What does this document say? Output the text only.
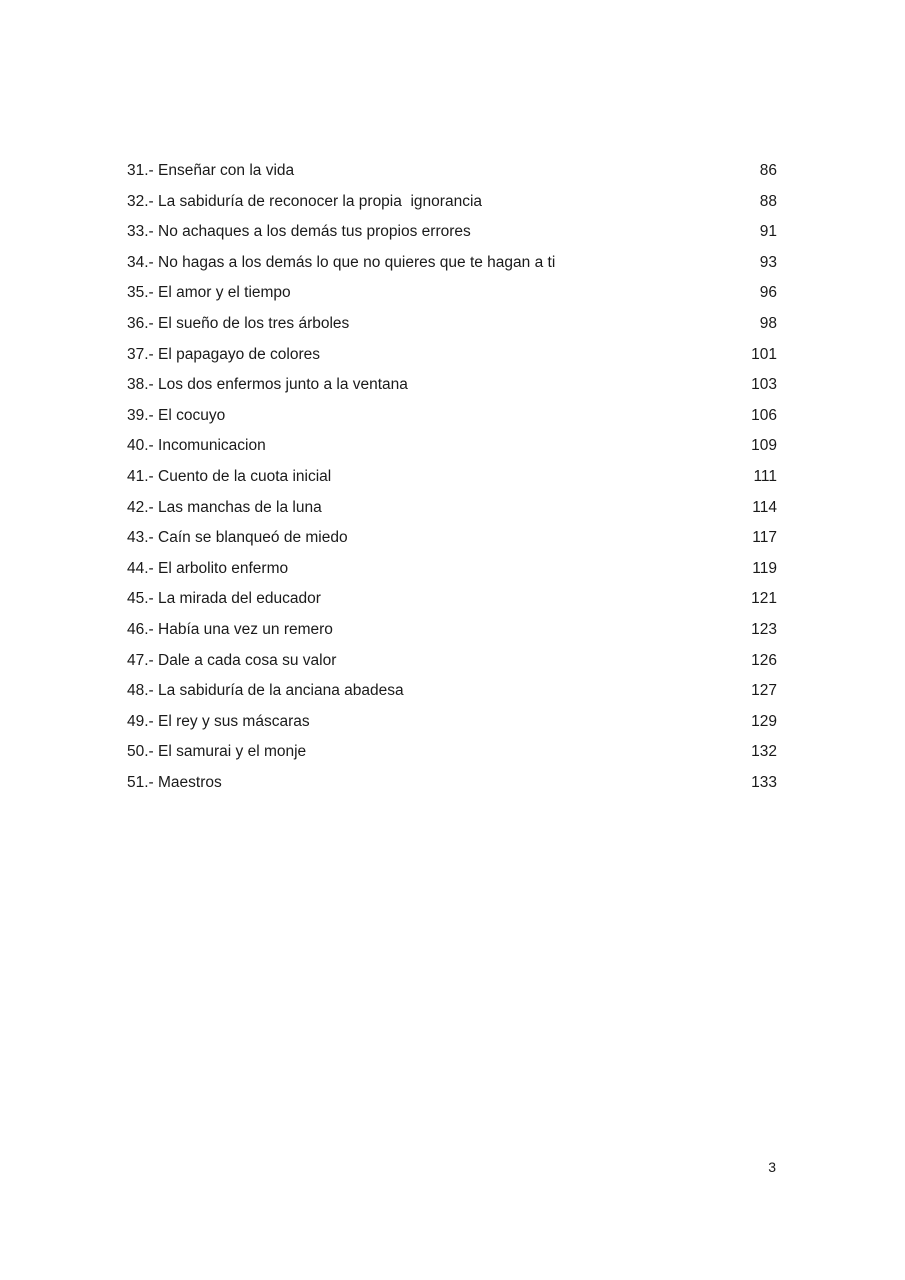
31.- Enseñar con la vida	86
32.- La sabiduría de reconocer la propia  ignorancia	88
33.- No achaques a los demás tus propios errores	91
34.- No hagas a los demás lo que no quieres que te hagan a ti	93
35.- El amor y el tiempo	96
36.- El sueño de los tres árboles	98
37.- El papagayo de colores	101
38.- Los dos enfermos junto a la ventana	103
39.- El cocuyo	106
40.- Incomunicacion	109
41.- Cuento de la cuota inicial	111
42.- Las manchas de la luna	114
43.- Caín se blanqueó de miedo	117
44.- El arbolito enfermo	119
45.- La mirada del educador	121
46.- Había una vez un remero	123
47.- Dale a cada cosa su valor	126
48.- La sabiduría de la anciana abadesa	127
49.- El rey y sus máscaras	129
50.- El samurai y el monje	132
51.- Maestros	133
3
